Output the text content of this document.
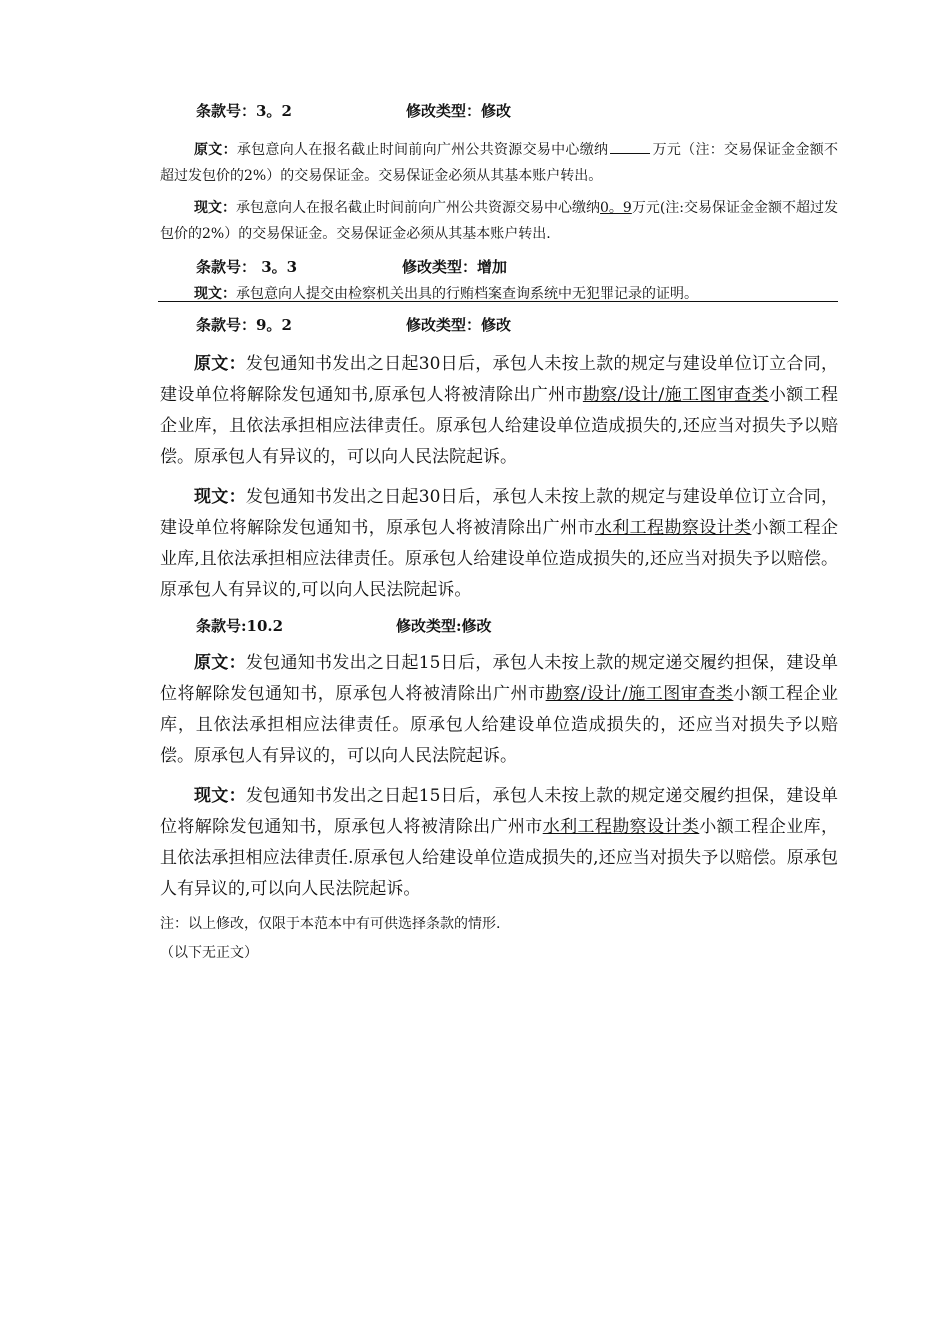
条款号：3。2	修改类型：修改

原文：承包意向人在报名截止时间前向广州公共资源交易中心缴纳	万元（注：交易保证金金额不超过发包价的2%）的交易保证金。交易保证金必须从其基本账户转出。

现文：承包意向人在报名截止时间前向广州公共资源交易中心缴纳0。9万元(注:交易保证金金额不超过发包价的2%）的交易保证金。交易保证金必须从其基本账户转出.

条款号： 3。3	修改类型：增加

现文：承包意向人提交由检察机关出具的行贿档案查询系统中无犯罪记录的证明。

条款号：9。2	修改类型：修改

原文：发包通知书发出之日起30日后，承包人未按上款的规定与建设单位订立合同，建设单位将解除发包通知书,原承包人将被清除出广州市勘察/设计/施工图审查类小额工程企业库，且依法承担相应法律责任。原承包人给建设单位造成损失的,还应当对损失予以赔偿。原承包人有异议的，可以向人民法院起诉。

现文：发包通知书发出之日起30日后，承包人未按上款的规定与建设单位订立合同，建设单位将解除发包通知书，原承包人将被清除出广州市水利工程勘察设计类小额工程企业库,且依法承担相应法律责任。原承包人给建设单位造成损失的,还应当对损失予以赔偿。原承包人有异议的,可以向人民法院起诉。

条款号:10.2	修改类型:修改

原文：发包通知书发出之日起15日后，承包人未按上款的规定递交履约担保，建设单位将解除发包通知书，原承包人将被清除出广州市勘察/设计/施工图审查类小额工程企业库，且依法承担相应法律责任。原承包人给建设单位造成损失的，还应当对损失予以赔偿。原承包人有异议的，可以向人民法院起诉。

现文：发包通知书发出之日起15日后，承包人未按上款的规定递交履约担保，建设单位将解除发包通知书，原承包人将被清除出广州市水利工程勘察设计类小额工程企业库，且依法承担相应法律责任.原承包人给建设单位造成损失的,还应当对损失予以赔偿。原承包人有异议的,可以向人民法院起诉。

注：以上修改，仅限于本范本中有可供选择条款的情形.
（以下无正文）
